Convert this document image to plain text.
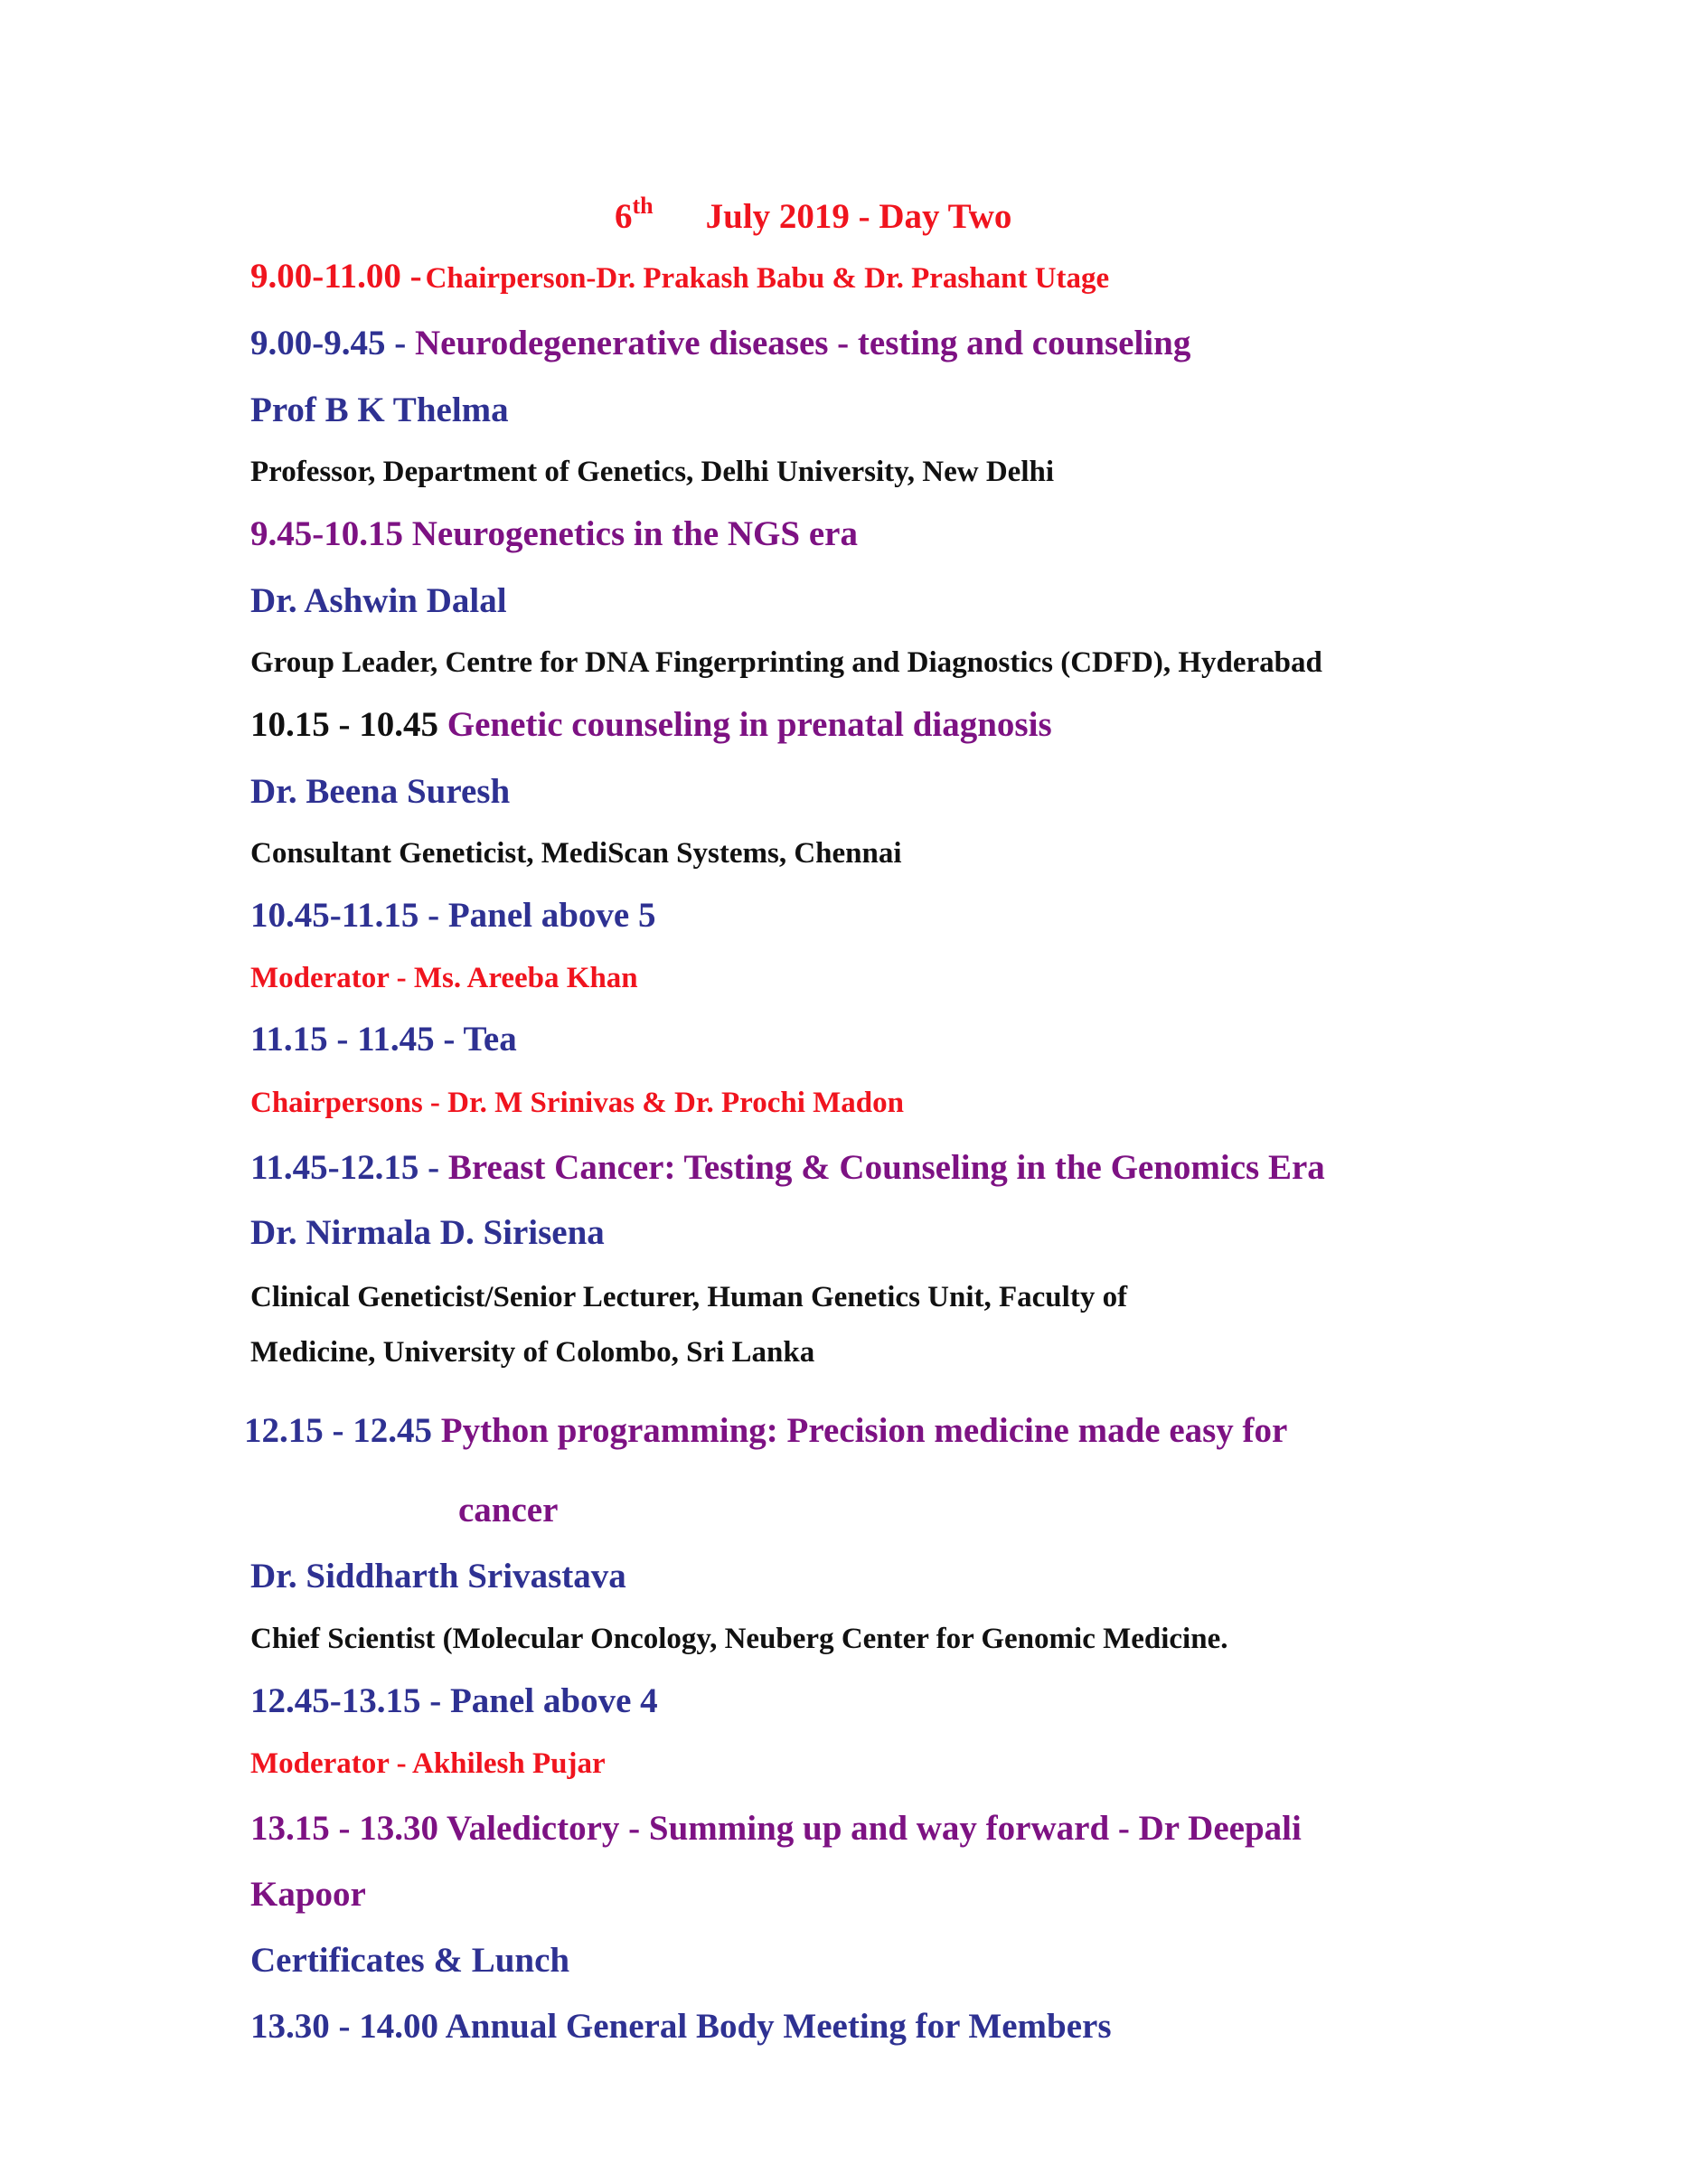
6th July 2019 - Day Two
9.00-11.00 - Chairperson-Dr. Prakash Babu & Dr. Prashant Utage
9.00-9.45 - Neurodegenerative diseases - testing and counseling
Prof B K Thelma
Professor, Department of Genetics, Delhi University, New Delhi
9.45-10.15 Neurogenetics in the NGS era
Dr. Ashwin Dalal
Group Leader, Centre for DNA Fingerprinting and Diagnostics (CDFD), Hyderabad
10.15 - 10.45 Genetic counseling in prenatal diagnosis
Dr. Beena Suresh
Consultant Geneticist, MediScan Systems, Chennai
10.45-11.15 - Panel above 5
Moderator - Ms. Areeba Khan
11.15 - 11.45 - Tea
Chairpersons - Dr. M Srinivas & Dr. Prochi Madon
11.45-12.15 - Breast Cancer: Testing & Counseling in the Genomics Era
Dr. Nirmala D. Sirisena
Clinical Geneticist/Senior Lecturer, Human Genetics Unit, Faculty of
Medicine, University of Colombo, Sri Lanka
12.15 - 12.45 Python programming: Precision medicine made easy for
cancer
Dr. Siddharth Srivastava
Chief Scientist (Molecular Oncology, Neuberg Center for Genomic Medicine.
12.45-13.15 - Panel above 4
Moderator - Akhilesh Pujar
13.15 - 13.30 Valedictory - Summing up and way forward - Dr Deepali
Kapoor
Certificates & Lunch
13.30 - 14.00 Annual General Body Meeting for Members
